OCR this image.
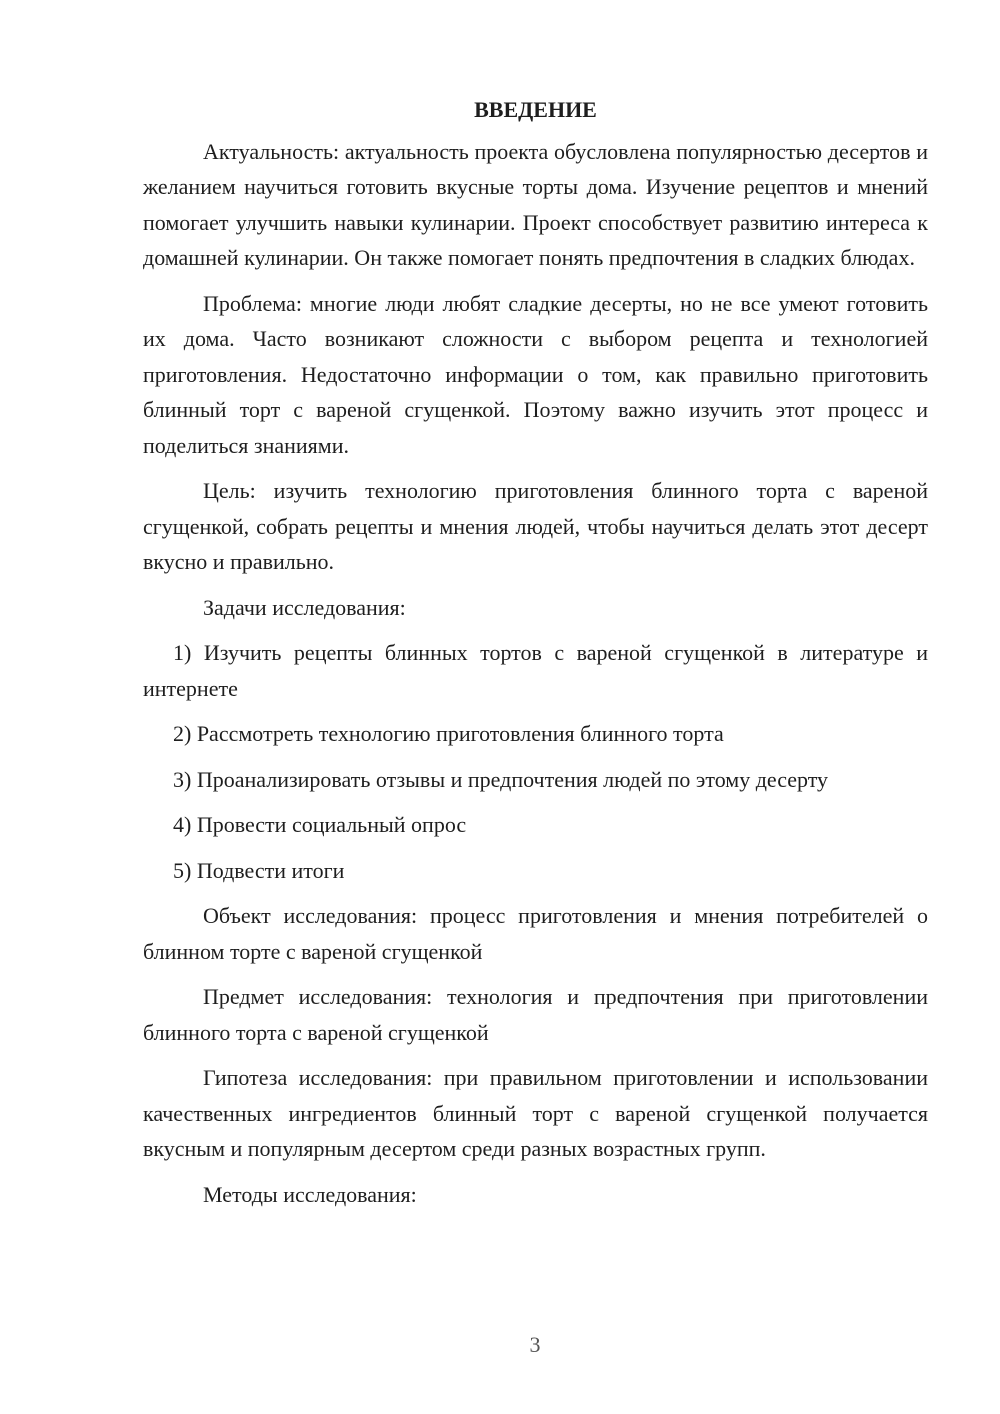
ВВЕДЕНИЕ

Актуальность: актуальность проекта обусловлена популярностью десертов и желанием научиться готовить вкусные торты дома. Изучение рецептов и мнений помогает улучшить навыки кулинарии. Проект способствует развитию интереса к домашней кулинарии. Он также помогает понять предпочтения в сладких блюдах.

Проблема: многие люди любят сладкие десерты, но не все умеют готовить их дома. Часто возникают сложности с выбором рецепта и технологией приготовления. Недостаточно информации о том, как правильно приготовить блинный торт с вареной сгущенкой. Поэтому важно изучить этот процесс и поделиться знаниями.

Цель: изучить технологию приготовления блинного торта с вареной сгущенкой, собрать рецепты и мнения людей, чтобы научиться делать этот десерт вкусно и правильно.

Задачи исследования:

1) Изучить рецепты блинных тортов с вареной сгущенкой в литературе и интернете

2) Рассмотреть технологию приготовления блинного торта

3) Проанализировать отзывы и предпочтения людей по этому десерту

4) Провести социальный опрос

5) Подвести итоги

Объект исследования: процесс приготовления и мнения потребителей о блинном торте с вареной сгущенкой

Предмет исследования: технология и предпочтения при приготовлении блинного торта с вареной сгущенкой

Гипотеза исследования: при правильном приготовлении и использовании качественных ингредиентов блинный торт с вареной сгущенкой получается вкусным и популярным десертом среди разных возрастных групп.

Методы исследования:

3
